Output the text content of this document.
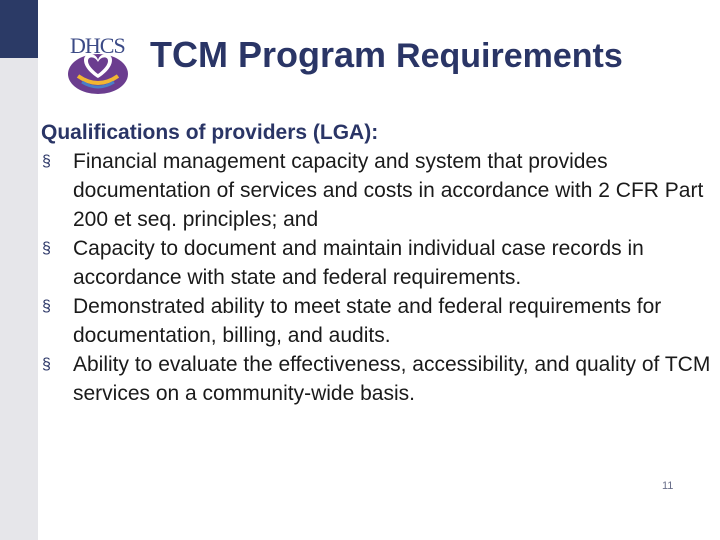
DHCS TCM Program Requirements
Qualifications of providers (LGA):
§ Financial management capacity and system that provides documentation of services and costs in accordance with 2 CFR Part 200 et seq. principles; and
§ Capacity to document and maintain individual case records in accordance with state and federal requirements.
§ Demonstrated ability to meet state and federal requirements for documentation, billing, and audits.
§ Ability to evaluate the effectiveness, accessibility, and quality of TCM services on a community-wide basis.
11
